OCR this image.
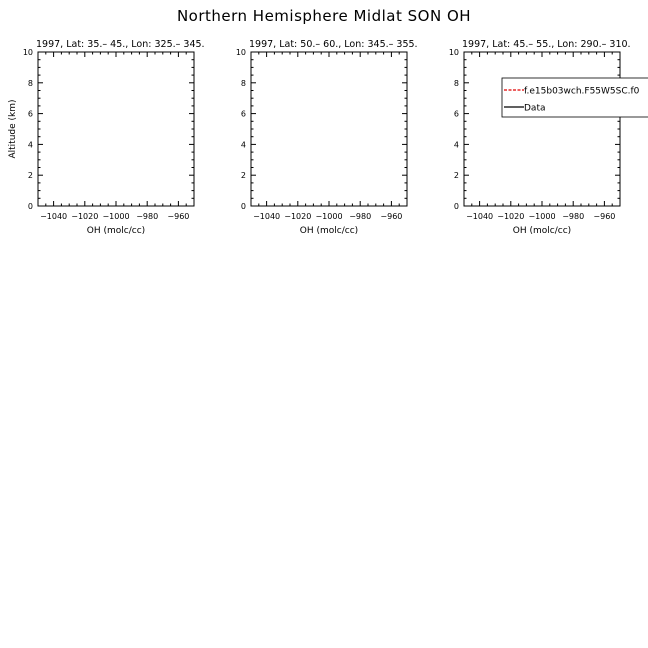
Northern Hemisphere Midlat SON OH
1997, Lat: 35.– 45., Lon: 325.– 345.
0
2
4
6
8
10
−1040 −1020 −1000 −980 −960
OH (molc/cc)
Altitude (km)
1997, Lat: 50.– 60., Lon: 345.– 355.
0
2
4
6
8
10
−1040 −1020 −1000 −980 −960
OH (molc/cc)
1997, Lat: 45.– 55., Lon: 290.– 310.
0
2
4
6
8
10
−1040 −1020 −1000 −980 −960
OH (molc/cc)
f.e15b03wch.F55W5SC.f0
Data
